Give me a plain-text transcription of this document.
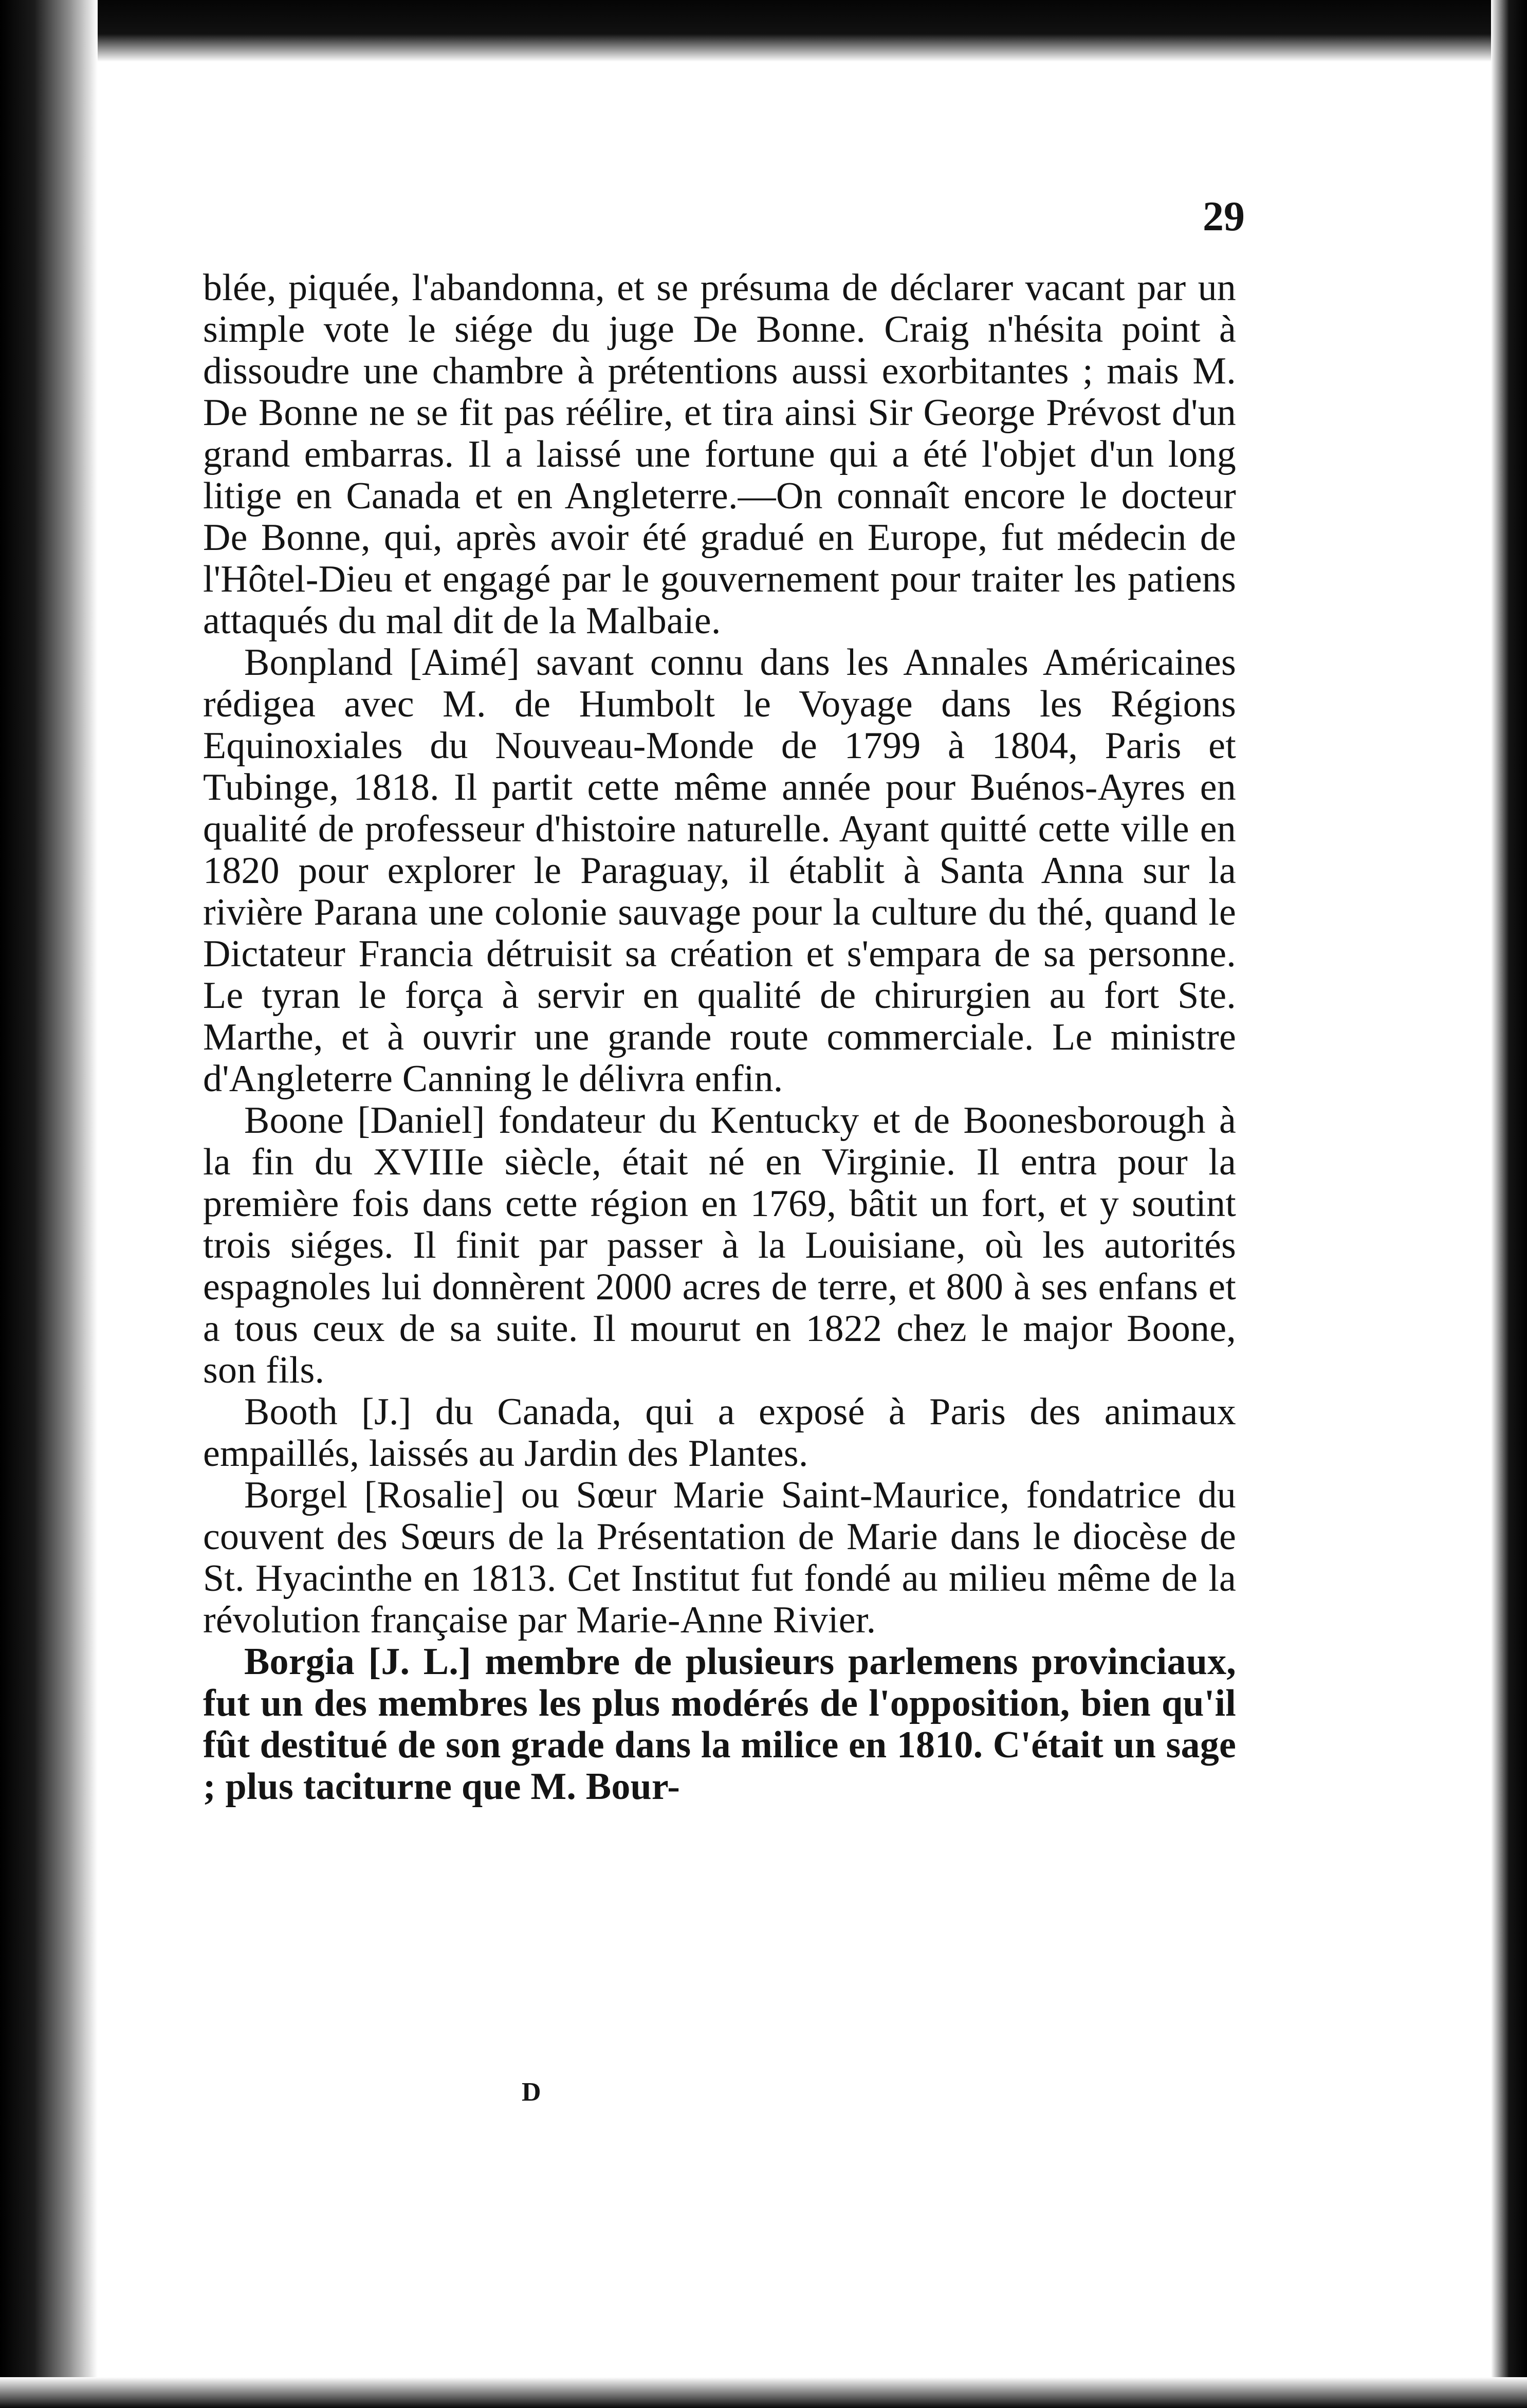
29

blée, piquée, l'abandonna, et se présuma de déclarer vacant par un simple vote le siége du juge De Bonne. Craig n'hésita point à dissoudre une chambre à prétentions aussi exorbitantes ; mais M. De Bonne ne se fit pas réélire, et tira ainsi Sir George Prévost d'un grand embarras. Il a laissé une fortune qui a été l'objet d'un long litige en Canada et en Angleterre.—On connaît encore le docteur De Bonne, qui, après avoir été gradué en Europe, fut médecin de l'Hôtel-Dieu et engagé par le gouvernement pour traiter les patiens attaqués du mal dit de la Malbaie.

Bonpland [Aimé] savant connu dans les Annales Américaines rédigea avec M. de Humbolt le Voyage dans les Régions Equinoxiales du Nouveau-Monde de 1799 à 1804, Paris et Tubinge, 1818. Il partit cette même année pour Buénos-Ayres en qualité de professeur d'histoire naturelle. Ayant quitté cette ville en 1820 pour explorer le Paraguay, il établit à Santa Anna sur la rivière Parana une colonie sauvage pour la culture du thé, quand le Dictateur Francia détruisit sa création et s'empara de sa personne. Le tyran le força à servir en qualité de chirurgien au fort Ste. Marthe, et à ouvrir une grande route commerciale. Le ministre d'Angleterre Canning le délivra enfin.

Boone [Daniel] fondateur du Kentucky et de Boonesborough à la fin du XVIIIe siècle, était né en Virginie. Il entra pour la première fois dans cette région en 1769, bâtit un fort, et y soutint trois siéges. Il finit par passer à la Louisiane, où les autorités espagnoles lui donnèrent 2000 acres de terre, et 800 à ses enfans et a tous ceux de sa suite. Il mourut en 1822 chez le major Boone, son fils.

Booth [J.] du Canada, qui a exposé à Paris des animaux empaillés, laissés au Jardin des Plantes.

Borgel [Rosalie] ou Sœur Marie Saint-Maurice, fondatrice du couvent des Sœurs de la Présentation de Marie dans le diocèse de St. Hyacinthe en 1813. Cet Institut fut fondé au milieu même de la révolution française par Marie-Anne Rivier.

Borgia [J. L.] membre de plusieurs parlemens provinciaux, fut un des membres les plus modérés de l'opposition, bien qu'il fût destitué de son grade dans la milice en 1810. C'était un sage ; plus taciturne que M. Bour-

D
